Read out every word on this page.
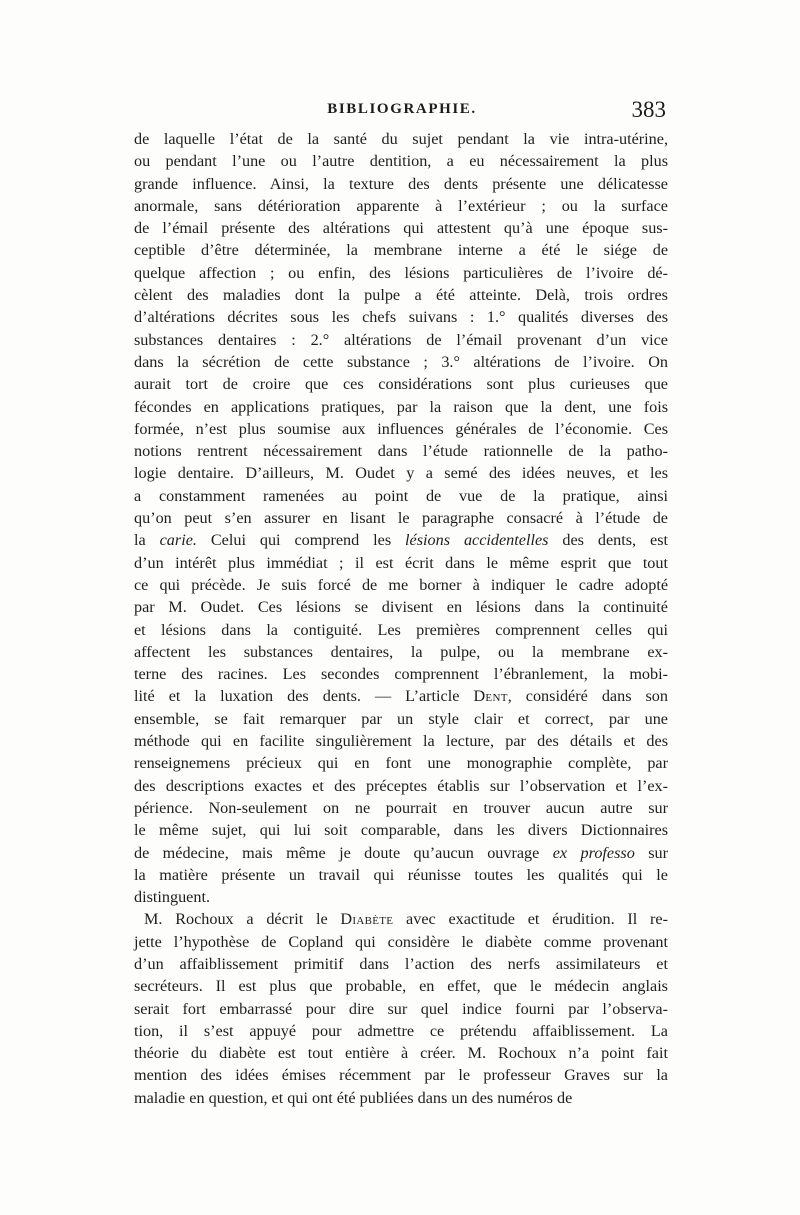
BIBLIOGRAPHIE.	383

de laquelle l’état de la santé du sujet pendant la vie intra-utérine,
ou pendant l’une ou l’autre dentition, a eu nécessairement la plus
grande influence. Ainsi, la texture des dents présente une délicatesse
anormale, sans détérioration apparente à l’extérieur ; ou la surface
de l’émail présente des altérations qui attestent qu’à une époque sus-
ceptible d’être déterminée, la membrane interne a été le siége de
quelque affection ; ou enfin, des lésions particulières de l’ivoire dé-
cèlent des maladies dont la pulpe a été atteinte. Delà, trois ordres
d’altérations décrites sous les chefs suivans : 1.° qualités diverses des
substances dentaires : 2.° altérations de l’émail provenant d’un vice
dans la sécrétion de cette substance ; 3.° altérations de l’ivoire. On
aurait tort de croire que ces considérations sont plus curieuses que
fécondes en applications pratiques, par la raison que la dent, une fois
formée, n’est plus soumise aux influences générales de l’économie. Ces
notions rentrent nécessairement dans l’étude rationnelle de la patho-
logie dentaire. D’ailleurs, M. Oudet y a semé des idées neuves, et les
a constamment ramenées au point de vue de la pratique, ainsi
qu’on peut s’en assurer en lisant le paragraphe consacré à l’étude de
la carie. Celui qui comprend les lésions accidentelles des dents, est
d’un intérêt plus immédiat ; il est écrit dans le même esprit que tout
ce qui précède. Je suis forcé de me borner à indiquer le cadre adopté
par M. Oudet. Ces lésions se divisent en lésions dans la continuité
et lésions dans la contiguité. Les premières comprennent celles qui
affectent les substances dentaires, la pulpe, ou la membrane ex-
terne des racines. Les secondes comprennent l’ébranlement, la mobi-
lité et la luxation des dents. — L’article Dent, considéré dans son
ensemble, se fait remarquer par un style clair et correct, par une
méthode qui en facilite singulièrement la lecture, par des détails et des
renseignemens précieux qui en font une monographie complète, par
des descriptions exactes et des préceptes établis sur l’observation et l’ex-
périence. Non-seulement on ne pourrait en trouver aucun autre sur
le même sujet, qui lui soit comparable, dans les divers Dictionnaires
de médecine, mais même je doute qu’aucun ouvrage ex professo sur
la matière présente un travail qui réunisse toutes les qualités qui le
distinguent.

M. Rochoux a décrit le Diabète avec exactitude et érudition. Il re-
jette l’hypothèse de Copland qui considère le diabète comme provenant
d’un affaiblissement primitif dans l’action des nerfs assimilateurs et
secréteurs. Il est plus que probable, en effet, que le médecin anglais
serait fort embarrassé pour dire sur quel indice fourni par l’observa-
tion, il s’est appuyé pour admettre ce prétendu affaiblissement. La
théorie du diabète est tout entière à créer. M. Rochoux n’a point fait
mention des idées émises récemment par le professeur Graves sur la
maladie en question, et qui ont été publiées dans un des numéros de
